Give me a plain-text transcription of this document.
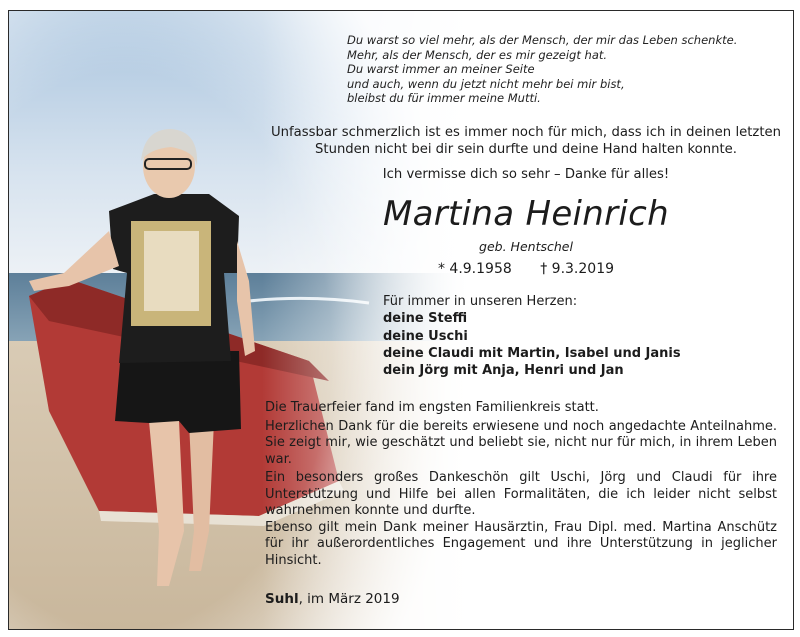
Du warst so viel mehr, als der Mensch, der mir das Leben schenkte.
Mehr, als der Mensch, der es mir gezeigt hat.
Du warst immer an meiner Seite
und auch, wenn du jetzt nicht mehr bei mir bist,
bleibst du für immer meine Mutti.
Unfassbar schmerzlich ist es immer noch für mich, dass ich in deinen letzten Stunden nicht bei dir sein durfte und deine Hand halten konnte.
Ich vermisse dich so sehr – Danke für alles!
Martina Heinrich
geb. Hentschel
* 4.9.1958 † 9.3.2019
Für immer in unseren Herzen:
deine Steffi
deine Uschi
deine Claudi mit Martin, Isabel und Janis
dein Jörg mit Anja, Henri und Jan

Die Trauerfeier fand im engsten Familienkreis statt.

Herzlichen Dank für die bereits erwiesene und noch angedachte Anteilnahme. Sie zeigt mir, wie geschätzt und beliebt sie, nicht nur für mich, in ihrem Leben war.

Ein besonders großes Dankeschön gilt Uschi, Jörg und Claudi für ihre Unterstützung und Hilfe bei allen Formalitäten, die ich leider nicht selbst wahrnehmen konnte und durfte.

Ebenso gilt mein Dank meiner Hausärztin, Frau Dipl. med. Martina Anschütz für ihr außerordentliches Engagement und ihre Unterstützung in jeglicher Hinsicht.

Suhl, im März 2019
